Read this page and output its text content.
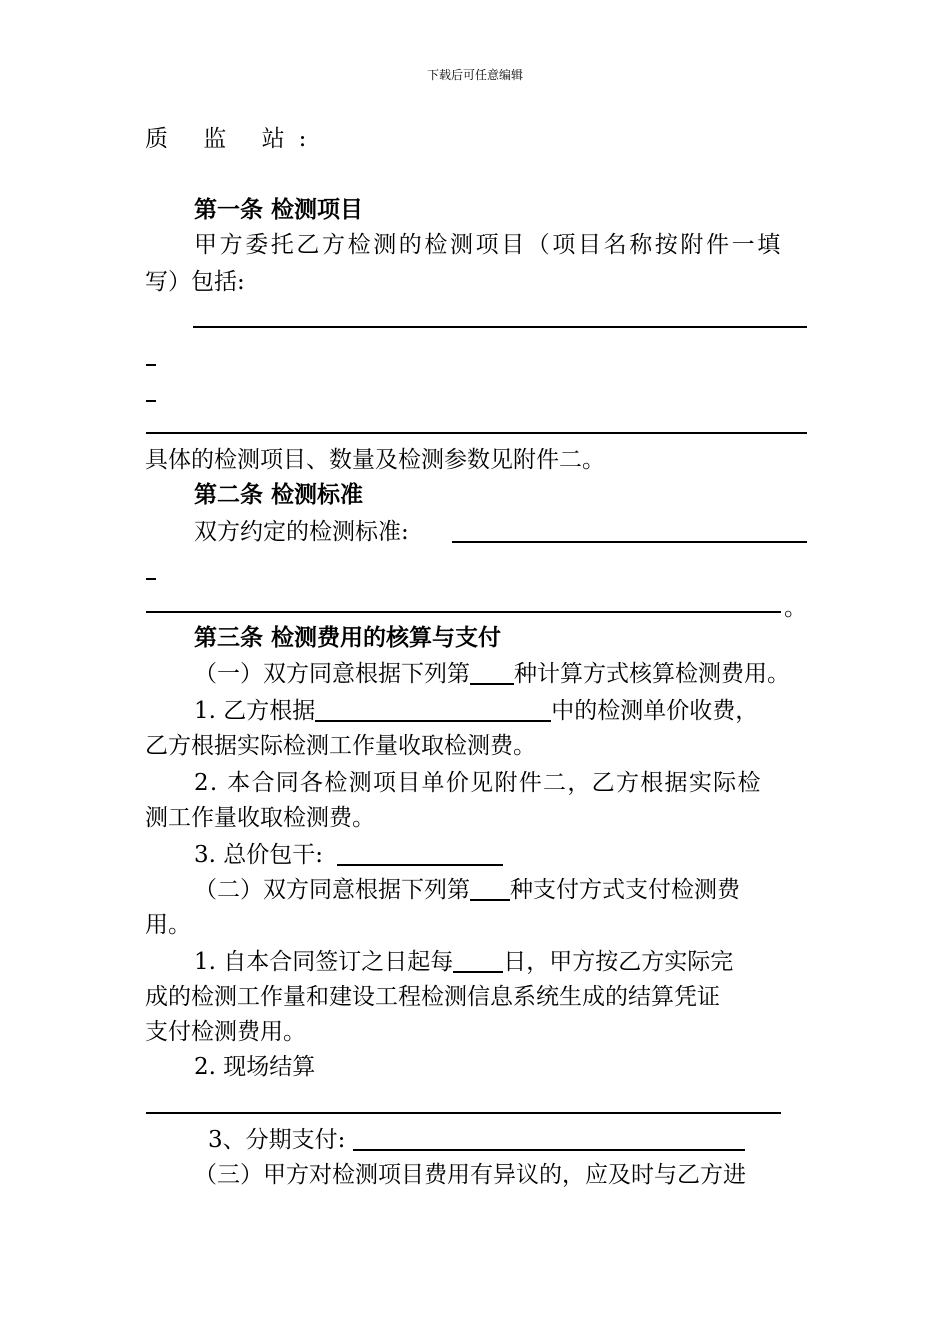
下载后可任意编辑
质 监 站:
第一条 检测项目
甲方委托乙方检测的检测项目（项目名称按附件一填
写）包括:
具体的检测项目、数量及检测参数见附件二。
第二条 检测标准
双方约定的检测标准:
。
第三条 检测费用的核算与支付
（一）双方同意根据下列第 种计算方式核算检测费用。
1. 乙方根据	中的检测单价收费，
乙方根据实际检测工作量收取检测费。
2. 本合同各检测项目单价见附件二，乙方根据实际检
测工作量收取检测费。
3. 总价包干:
（二）双方同意根据下列第 种支付方式支付检测费
用。
1. 自本合同签订之日起每 日，甲方按乙方实际完
成的检测工作量和建设工程检测信息系统生成的结算凭证
支付检测费用。
2. 现场结算
3、分期支付:
（三）甲方对检测项目费用有异议的，应及时与乙方进
